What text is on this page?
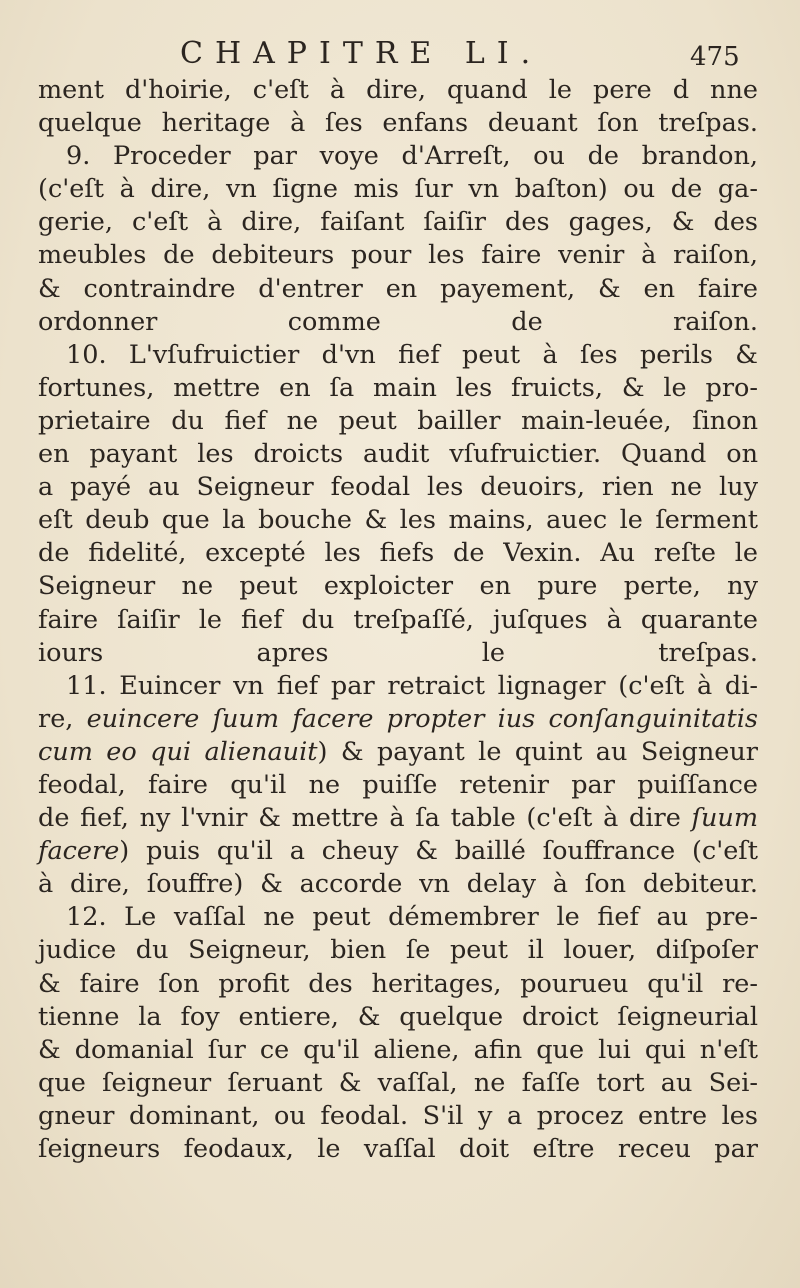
CHAPITRE LI.	475
ment d'hoirie, c'eſt à dire, quand le pere d nne
quelque heritage à ſes enfans deuant ſon treſpas.
9. Proceder par voye d'Arreſt, ou de brandon,
(c'eſt à dire, vn ſigne mis ſur vn baſton) ou de ga-
gerie, c'eſt à dire, faiſant ſaiſir des gages, & des
meubles de debiteurs pour les faire venir à raiſon,
& contraindre d'entrer en payement, & en faire
ordonner comme de raiſon.
10. L'vſufruictier d'vn fief peut à ſes perils &
fortunes, mettre en ſa main les fruicts, & le pro-
prietaire du fief ne peut bailler main-leuée, ſinon
en payant les droicts audit vſufruictier. Quand on
a payé au Seigneur feodal les deuoirs, rien ne luy
eſt deub que la bouche & les mains, auec le ſerment
de fidelité, excepté les fiefs de Vexin. Au reſte le
Seigneur ne peut exploicter en pure perte, ny
faire ſaiſir le fief du treſpaſſé, juſques à quarante
iours apres le treſpas.
11. Euincer vn fief par retraict lignager (c'eſt à di-
re, euincere ſuum facere propter ius conſanguinitatis
cum eo qui alienauit) & payant le quint au Seigneur
feodal, faire qu'il ne puiſſe retenir par puiſſance
de fief, ny l'vnir & mettre à ſa table (c'eſt à dire ſuum
facere) puis qu'il a cheuy & baillé ſouffrance (c'eſt
à dire, ſouffre) & accorde vn delay à ſon debiteur.
12. Le vaſſal ne peut démembrer le fief au pre-
judice du Seigneur, bien ſe peut il louer, diſpoſer
& faire ſon profit des heritages, pourueu qu'il re-
tienne la foy entiere, & quelque droict ſeigneurial
& domanial ſur ce qu'il aliene, afin que lui qui n'eſt
que ſeigneur ſeruant & vaſſal, ne faſſe tort au Sei-
gneur dominant, ou feodal. S'il y a procez entre les
ſeigneurs feodaux, le vaſſal doit eſtre receu par
